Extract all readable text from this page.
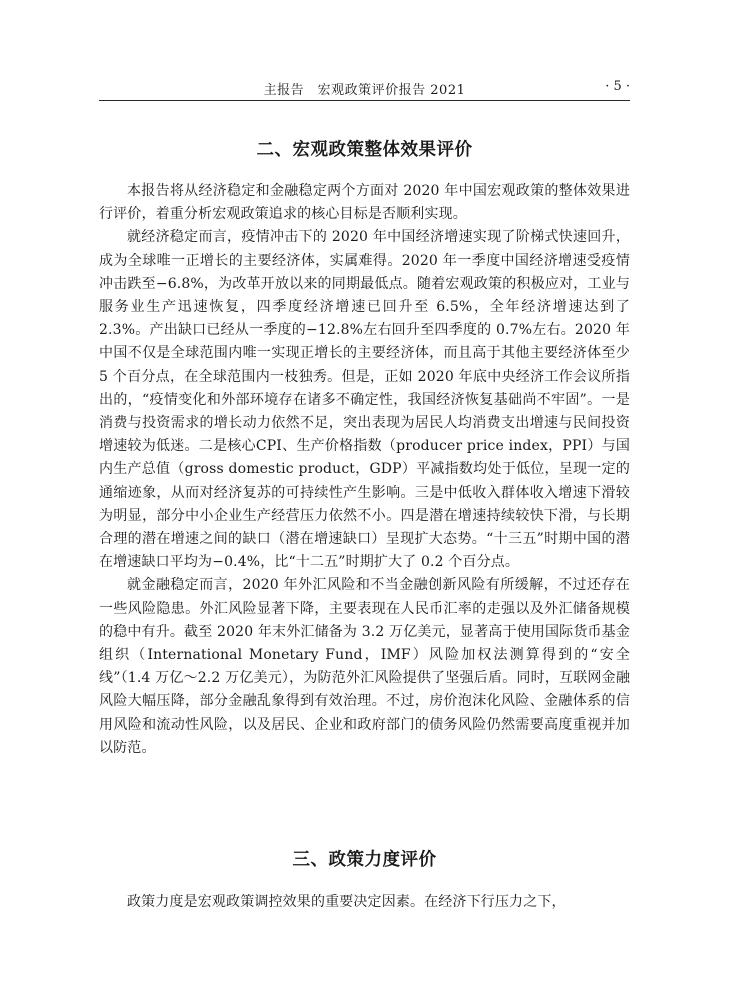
主报告　宏观政策评价报告 2021	· 5 ·
二、宏观政策整体效果评价

本报告将从经济稳定和金融稳定两个方面对 2020 年中国宏观政策的整体效果进行评价，着重分析宏观政策追求的核心目标是否顺利实现。

就经济稳定而言，疫情冲击下的 2020 年中国经济增速实现了阶梯式快速回升，成为全球唯一正增长的主要经济体，实属难得。2020 年一季度中国经济增速受疫情冲击跌至−6.8%，为改革开放以来的同期最低点。随着宏观政策的积极应对，工业与服务业生产迅速恢复，四季度经济增速已回升至 6.5%，全年经济增速达到了 2.3%。产出缺口已经从一季度的−12.8%左右回升至四季度的 0.7%左右。2020 年中国不仅是全球范围内唯一实现正增长的主要经济体，而且高于其他主要经济体至少 5 个百分点，在全球范围内一枝独秀。但是，正如 2020 年底中央经济工作会议所指出的，“疫情变化和外部环境存在诸多不确定性，我国经济恢复基础尚不牢固”。一是消费与投资需求的增长动力依然不足，突出表现为居民人均消费支出增速与民间投资增速较为低迷。二是核心CPI、生产价格指数（producer price index，PPI）与国内生产总值（gross domestic product，GDP）平减指数均处于低位，呈现一定的通缩迹象，从而对经济复苏的可持续性产生影响。三是中低收入群体收入增速下滑较为明显，部分中小企业生产经营压力依然不小。四是潜在增速持续较快下滑，与长期合理的潜在增速之间的缺口（潜在增速缺口）呈现扩大态势。“十三五”时期中国的潜在增速缺口平均为−0.4%，比“十二五”时期扩大了 0.2 个百分点。

就金融稳定而言，2020 年外汇风险和不当金融创新风险有所缓解，不过还存在一些风险隐患。外汇风险显著下降，主要表现在人民币汇率的走强以及外汇储备规模的稳中有升。截至 2020 年末外汇储备为 3.2 万亿美元，显著高于使用国际货币基金组织（International Monetary Fund，IMF）风险加权法测算得到的“安全线”（1.4 万亿～2.2 万亿美元），为防范外汇风险提供了坚强后盾。同时，互联网金融风险大幅压降，部分金融乱象得到有效治理。不过，房价泡沫化风险、金融体系的信用风险和流动性风险，以及居民、企业和政府部门的债务风险仍然需要高度重视并加以防范。

三、政策力度评价

政策力度是宏观政策调控效果的重要决定因素。在经济下行压力之下，
